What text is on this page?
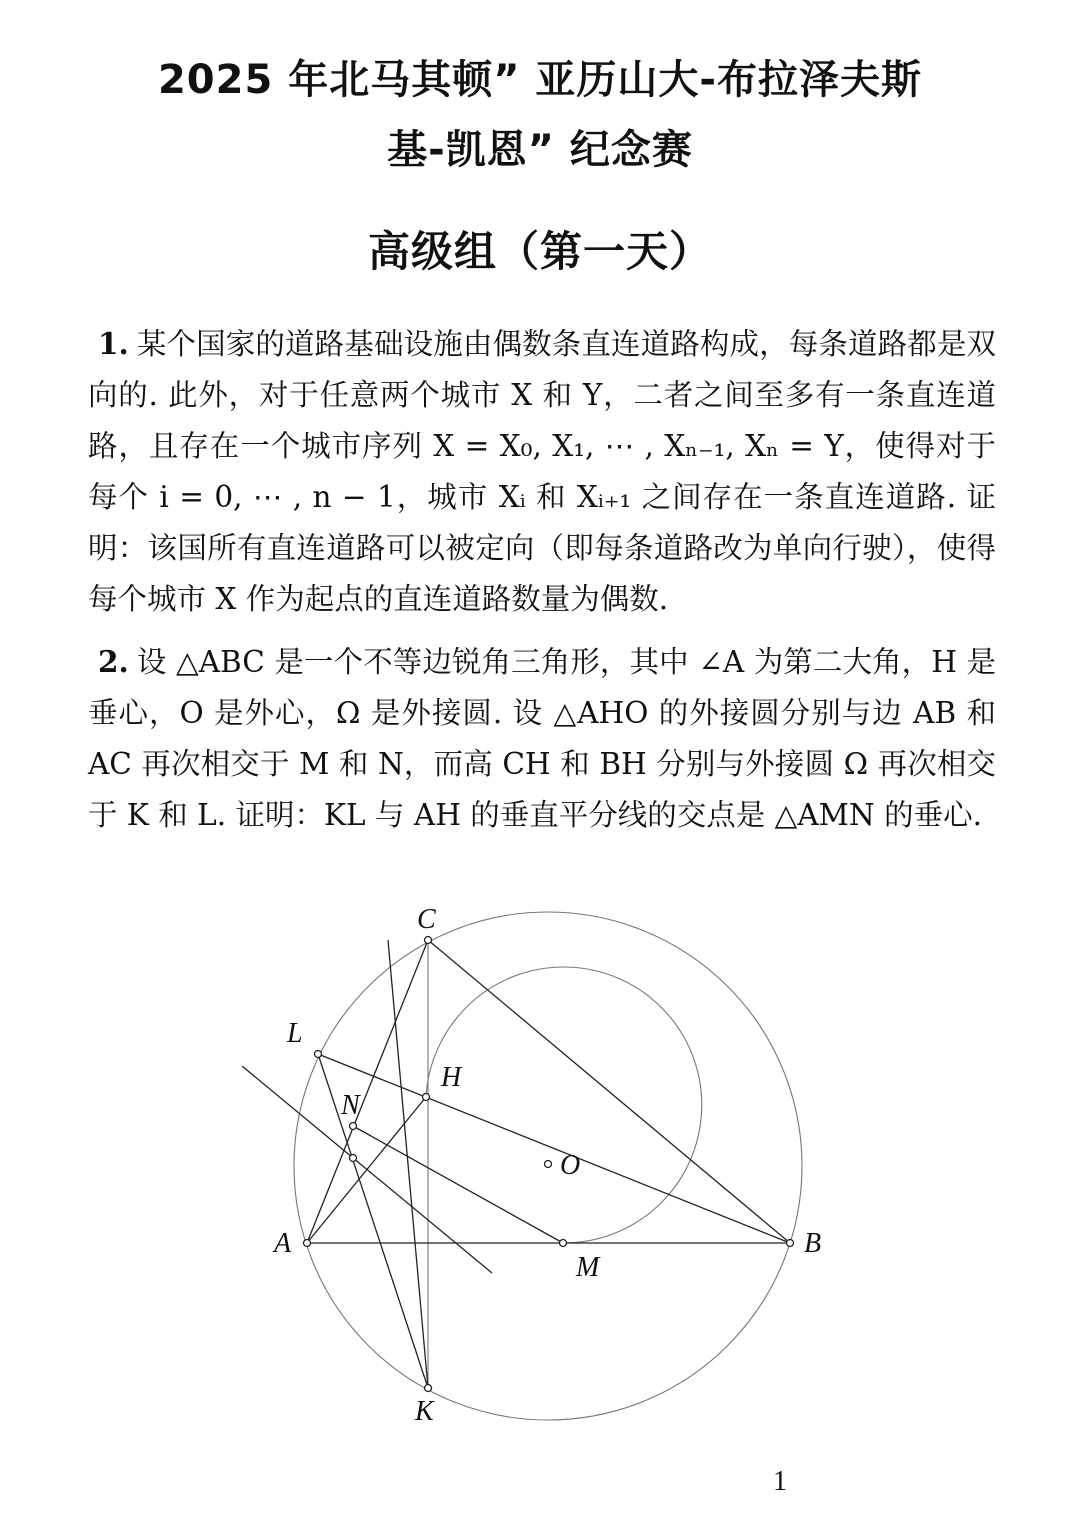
2025 年北马其顿” 亚历山大-布拉泽夫斯
基-凯恩” 纪念赛
高级组（第一天）
1. 某个国家的道路基础设施由偶数条直连道路构成，每条道路都是双向的. 此外，对于任意两个城市 X 和 Y，二者之间至多有一条直连道路，且存在一个城市序列 X = X₀, X₁, ⋯ , Xₙ₋₁, Xₙ = Y，使得对于每个 i = 0, ⋯ , n − 1，城市 Xᵢ 和 Xᵢ₊₁ 之间存在一条直连道路. 证明：该国所有直连道路可以被定向（即每条道路改为单向行驶），使得每个城市 X 作为起点的直连道路数量为偶数.
2. 设 △ABC 是一个不等边锐角三角形，其中 ∠A 为第二大角，H 是垂心，O 是外心，Ω 是外接圆. 设 △AHO 的外接圆分别与边 AB 和 AC 再次相交于 M 和 N，而高 CH 和 BH 分别与外接圆 Ω 再次相交于 K 和 L. 证明：KL 与 AH 的垂直平分线的交点是 △AMN 的垂心.
C
L
H
N
O
A	B
M
K
1
